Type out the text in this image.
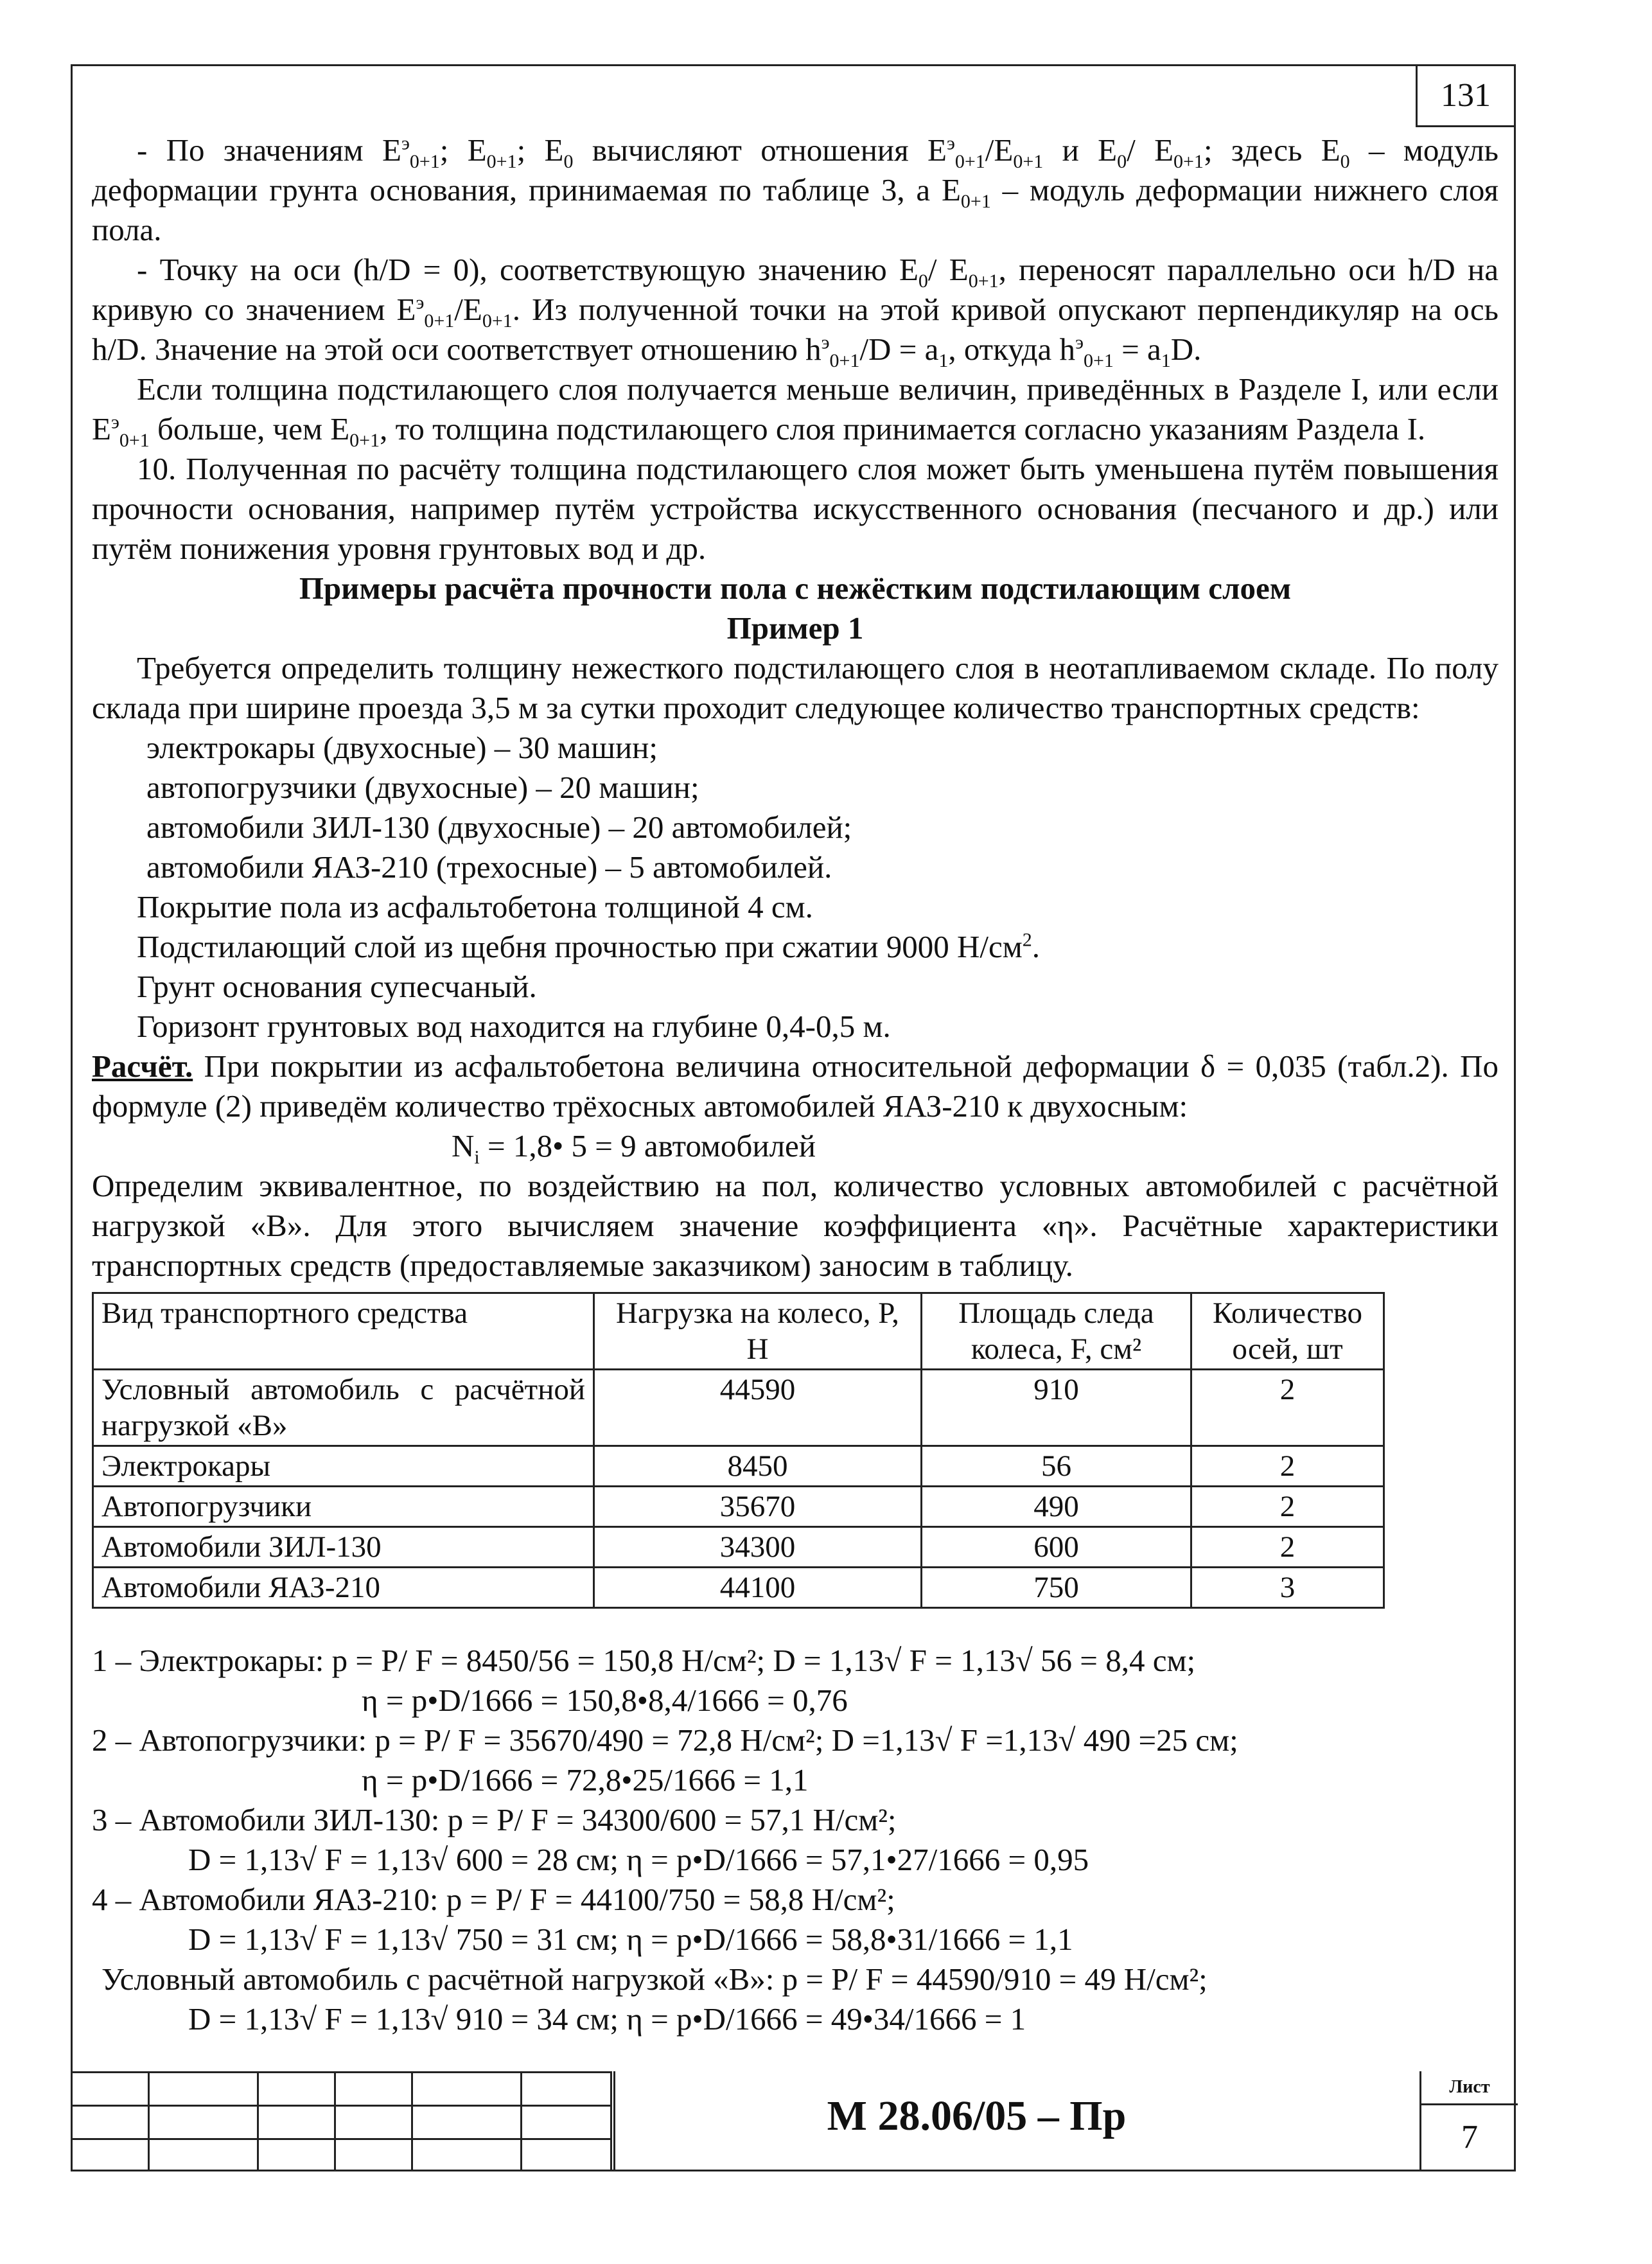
131

- По значениям $E^э_{0+1}$; $E_{0+1}$; $E_0$ вычисляют отношения $E^э_{0+1}/E_{0+1}$ и $E_0/$ $E_{0+1}$; здесь $E_0$ – модуль деформации грунта основания, принимаемая по таблице 3, а $E_{0+1}$ – модуль деформации нижнего слоя пола.

- Точку на оси (h/D = 0), соответствующую значению $E_0/$ $E_{0+1}$, переносят параллельно оси h/D на кривую со значением $E^э_{0+1}/E_{0+1}$. Из полученной точки на этой кривой опускают перпендикуляр на ось h/D. Значение на этой оси соответствует отношению $h^э_{0+1}/D = a_1$, откуда $h^э_{0+1} = a_1D$.

Если толщина подстилающего слоя получается меньше величин, приведённых в Разделе I, или если $E^э_{0+1}$ больше, чем $E_{0+1}$, то толщина подстилающего слоя принимается согласно указаниям Раздела I.

10. Полученная по расчёту толщина подстилающего слоя может быть уменьшена путём повышения прочности основания, например путём устройства искусственного основания (песчаного и др.) или путём понижения уровня грунтовых вод и др.

Примеры расчёта прочности пола с нежёстким подстилающим слоем

Пример 1

Требуется определить толщину нежесткого подстилающего слоя в неотапливаемом складе. По полу склада при ширине проезда 3,5 м за сутки проходит следующее количество транспортных средств:

электрокары (двухосные) – 30 машин;

автопогрузчики (двухосные) – 20 машин;

автомобили ЗИЛ-130 (двухосные) – 20 автомобилей;

автомобили ЯАЗ-210 (трехосные) – 5 автомобилей.

Покрытие пола из асфальтобетона толщиной 4 см.

Подстилающий слой из щебня прочностью при сжатии 9000 $Н/см^2$.

Грунт основания супесчаный.

Горизонт грунтовых вод находится на глубине 0,4-0,5 м.

Расчёт. При покрытии из асфальтобетона величина относительной деформации δ = 0,035 (табл.2). По формуле (2) приведём количество трёхосных автомобилей ЯАЗ-210 к двухосным:

$N_i$ = 1,8• 5 = 9 автомобилей

Определим эквивалентное, по воздействию на пол, количество условных автомобилей с расчётной нагрузкой «В». Для этого вычисляем значение коэффициента «η». Расчётные характеристики транспортных средств (предоставляемые заказчиком) заносим в таблицу.

Вид транспортного средства	Нагрузка на колесо, P, Н	Площадь следа колеса, F, см²	Количество осей, шт
Условный автомобиль с расчётной нагрузкой «В»	44590	910	2
Электрокары	8450	56	2
Автопогрузчики	35670	490	2
Автомобили ЗИЛ-130	34300	600	2
Автомобили ЯАЗ-210	44100	750	3

1 – Электрокары: p = P/ F = 8450/56 = 150,8 Н/см²; D = 1,13√ F = 1,13√ 56 = 8,4 см;

η = p•D/1666 = 150,8•8,4/1666 = 0,76

2 – Автопогрузчики: p = P/ F = 35670/490 = 72,8 Н/см²; D =1,13√ F =1,13√ 490 =25 см;

η = p•D/1666 = 72,8•25/1666 = 1,1

3 – Автомобили ЗИЛ-130: p = P/ F = 34300/600 = 57,1 Н/см²;

D = 1,13√ F = 1,13√ 600 = 28 см; η = p•D/1666 = 57,1•27/1666 = 0,95

4 – Автомобили ЯАЗ-210: p = P/ F = 44100/750 = 58,8 Н/см²;

D = 1,13√ F = 1,13√ 750 = 31 см; η = p•D/1666 = 58,8•31/1666 = 1,1

Условный автомобиль с расчётной нагрузкой «В»: p = P/ F = 44590/910 = 49 Н/см²;

D = 1,13√ F = 1,13√ 910 = 34 см; η = p•D/1666 = 49•34/1666 = 1

М 28.06/05 – Пр
Лист
7
